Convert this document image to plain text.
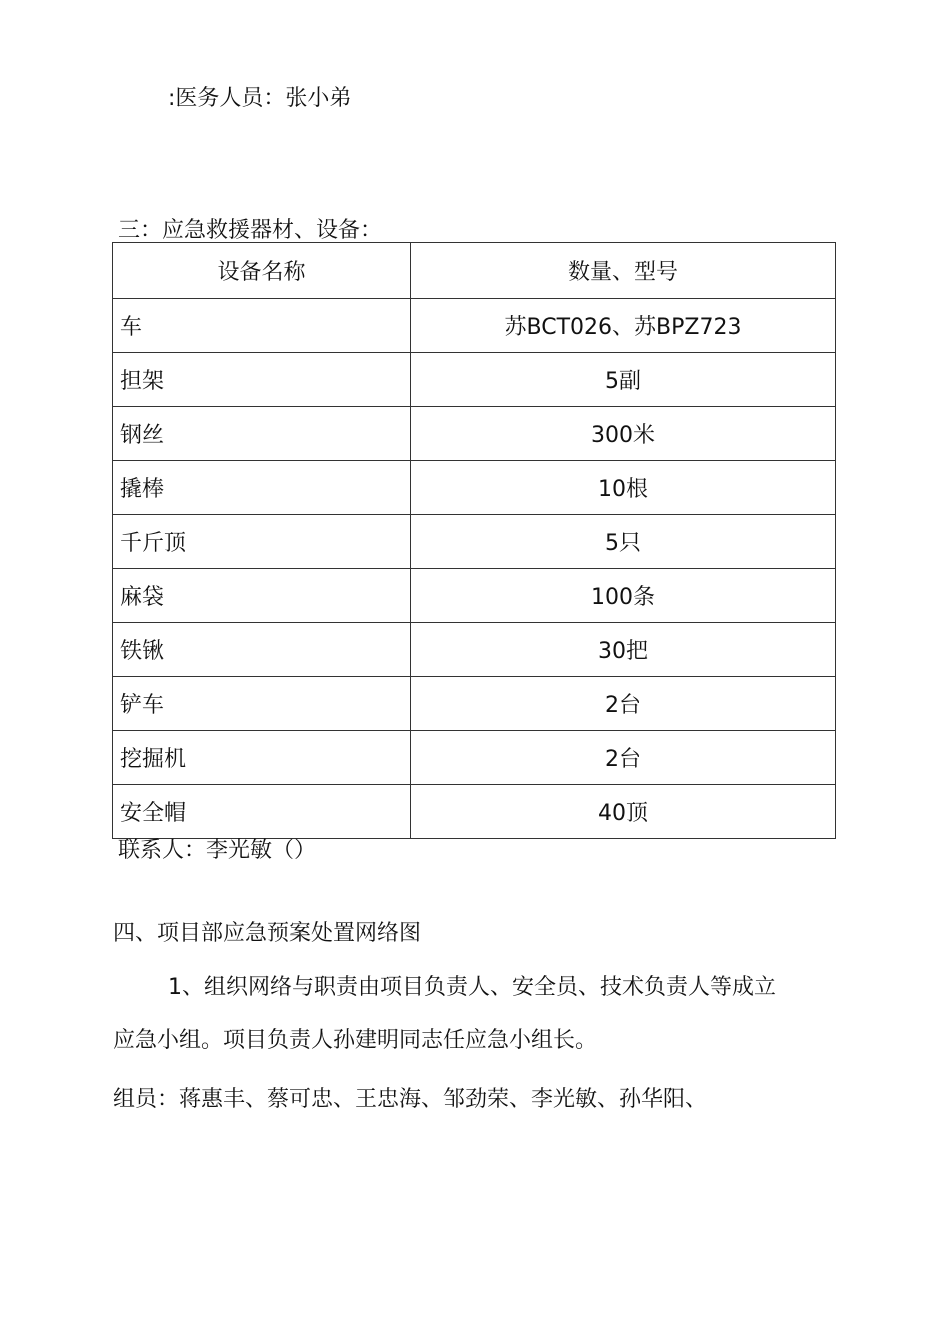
:医务人员：张小弟
三：应急救援器材、设备：
设备名称	数量、型号
车	苏BCT026、苏BPZ723
担架	5副
钢丝	300米
撬棒	10根
千斤顶	5只
麻袋	100条
铁锹	30把
铲车	2台
挖掘机	2台
安全帽	40顶
联系人：李光敏（）
四、项目部应急预案处置网络图
1、组织网络与职责由项目负责人、安全员、技术负责人等成立
应急小组。项目负责人孙建明同志任应急小组长。
组员：蒋惠丰、蔡可忠、王忠海、邹劲荣、李光敏、孙华阳、
